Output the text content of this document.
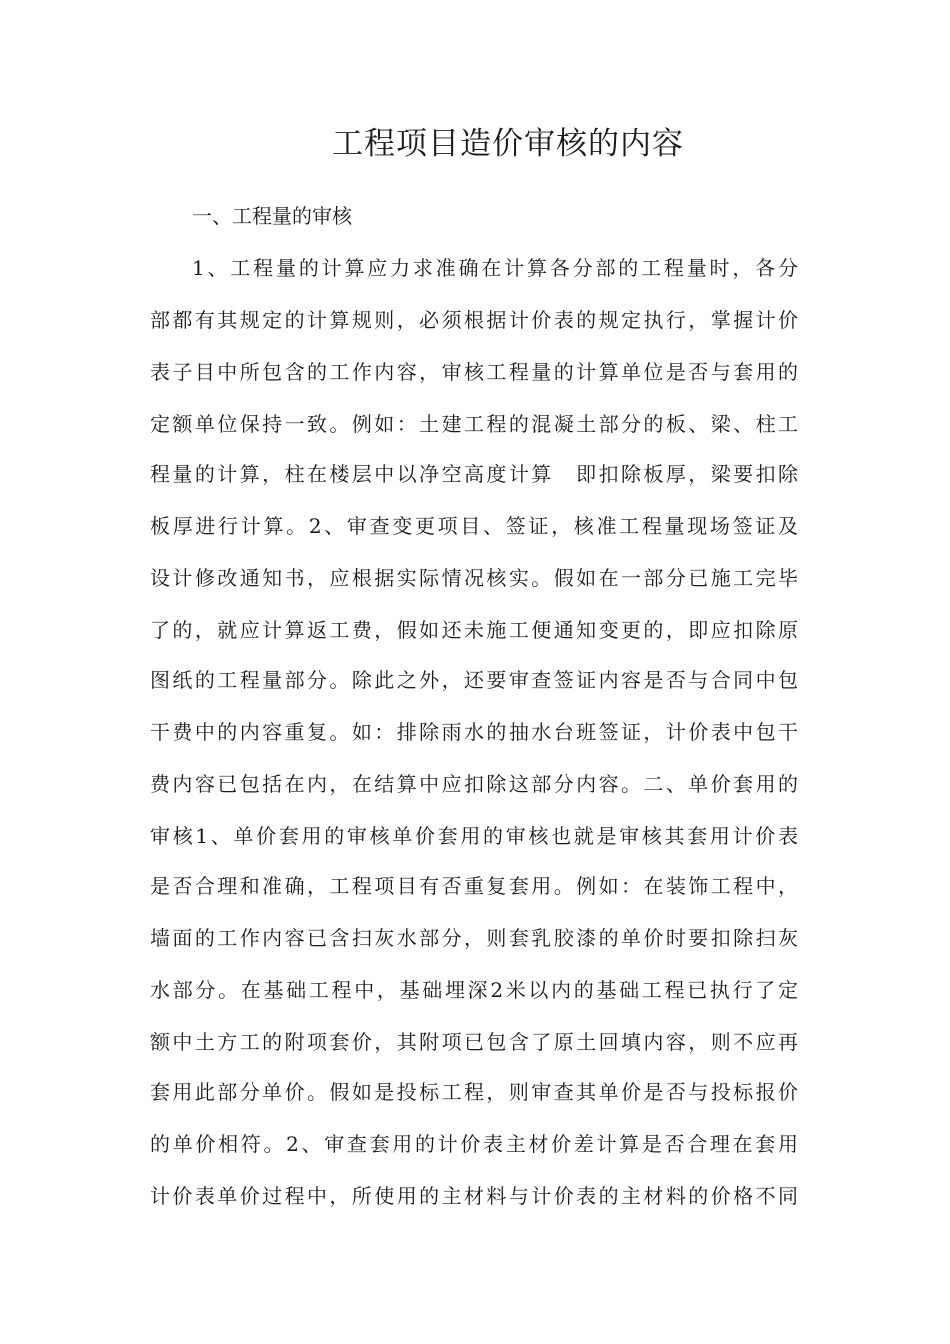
工程项目造价审核的内容
一、工程量的审核
1、工程量的计算应力求准确在计算各分部的工程量时，各分
部都有其规定的计算规则，必须根据计价表的规定执行，掌握计价
表子目中所包含的工作内容，审核工程量的计算单位是否与套用的
定额单位保持一致。例如：土建工程的混凝土部分的板、梁、柱工
程量的计算，柱在楼层中以净空高度计算　即扣除板厚，梁要扣除
板厚进行计算。2、审查变更项目、签证，核准工程量现场签证及
设计修改通知书，应根据实际情况核实。假如在一部分已施工完毕
了的，就应计算返工费，假如还未施工便通知变更的，即应扣除原
图纸的工程量部分。除此之外，还要审查签证内容是否与合同中包
干费中的内容重复。如：排除雨水的抽水台班签证，计价表中包干
费内容已包括在内，在结算中应扣除这部分内容。二、单价套用的
审核1、单价套用的审核单价套用的审核也就是审核其套用计价表
是否合理和准确，工程项目有否重复套用。例如：在装饰工程中，
墙面的工作内容已含扫灰水部分，则套乳胶漆的单价时要扣除扫灰
水部分。在基础工程中，基础埋深2米以内的基础工程已执行了定
额中土方工的附项套价，其附项已包含了原土回填内容，则不应再
套用此部分单价。假如是投标工程，则审查其单价是否与投标报价
的单价相符。2、审查套用的计价表主材价差计算是否合理在套用
计价表单价过程中，所使用的主材料与计价表的主材料的价格不同
